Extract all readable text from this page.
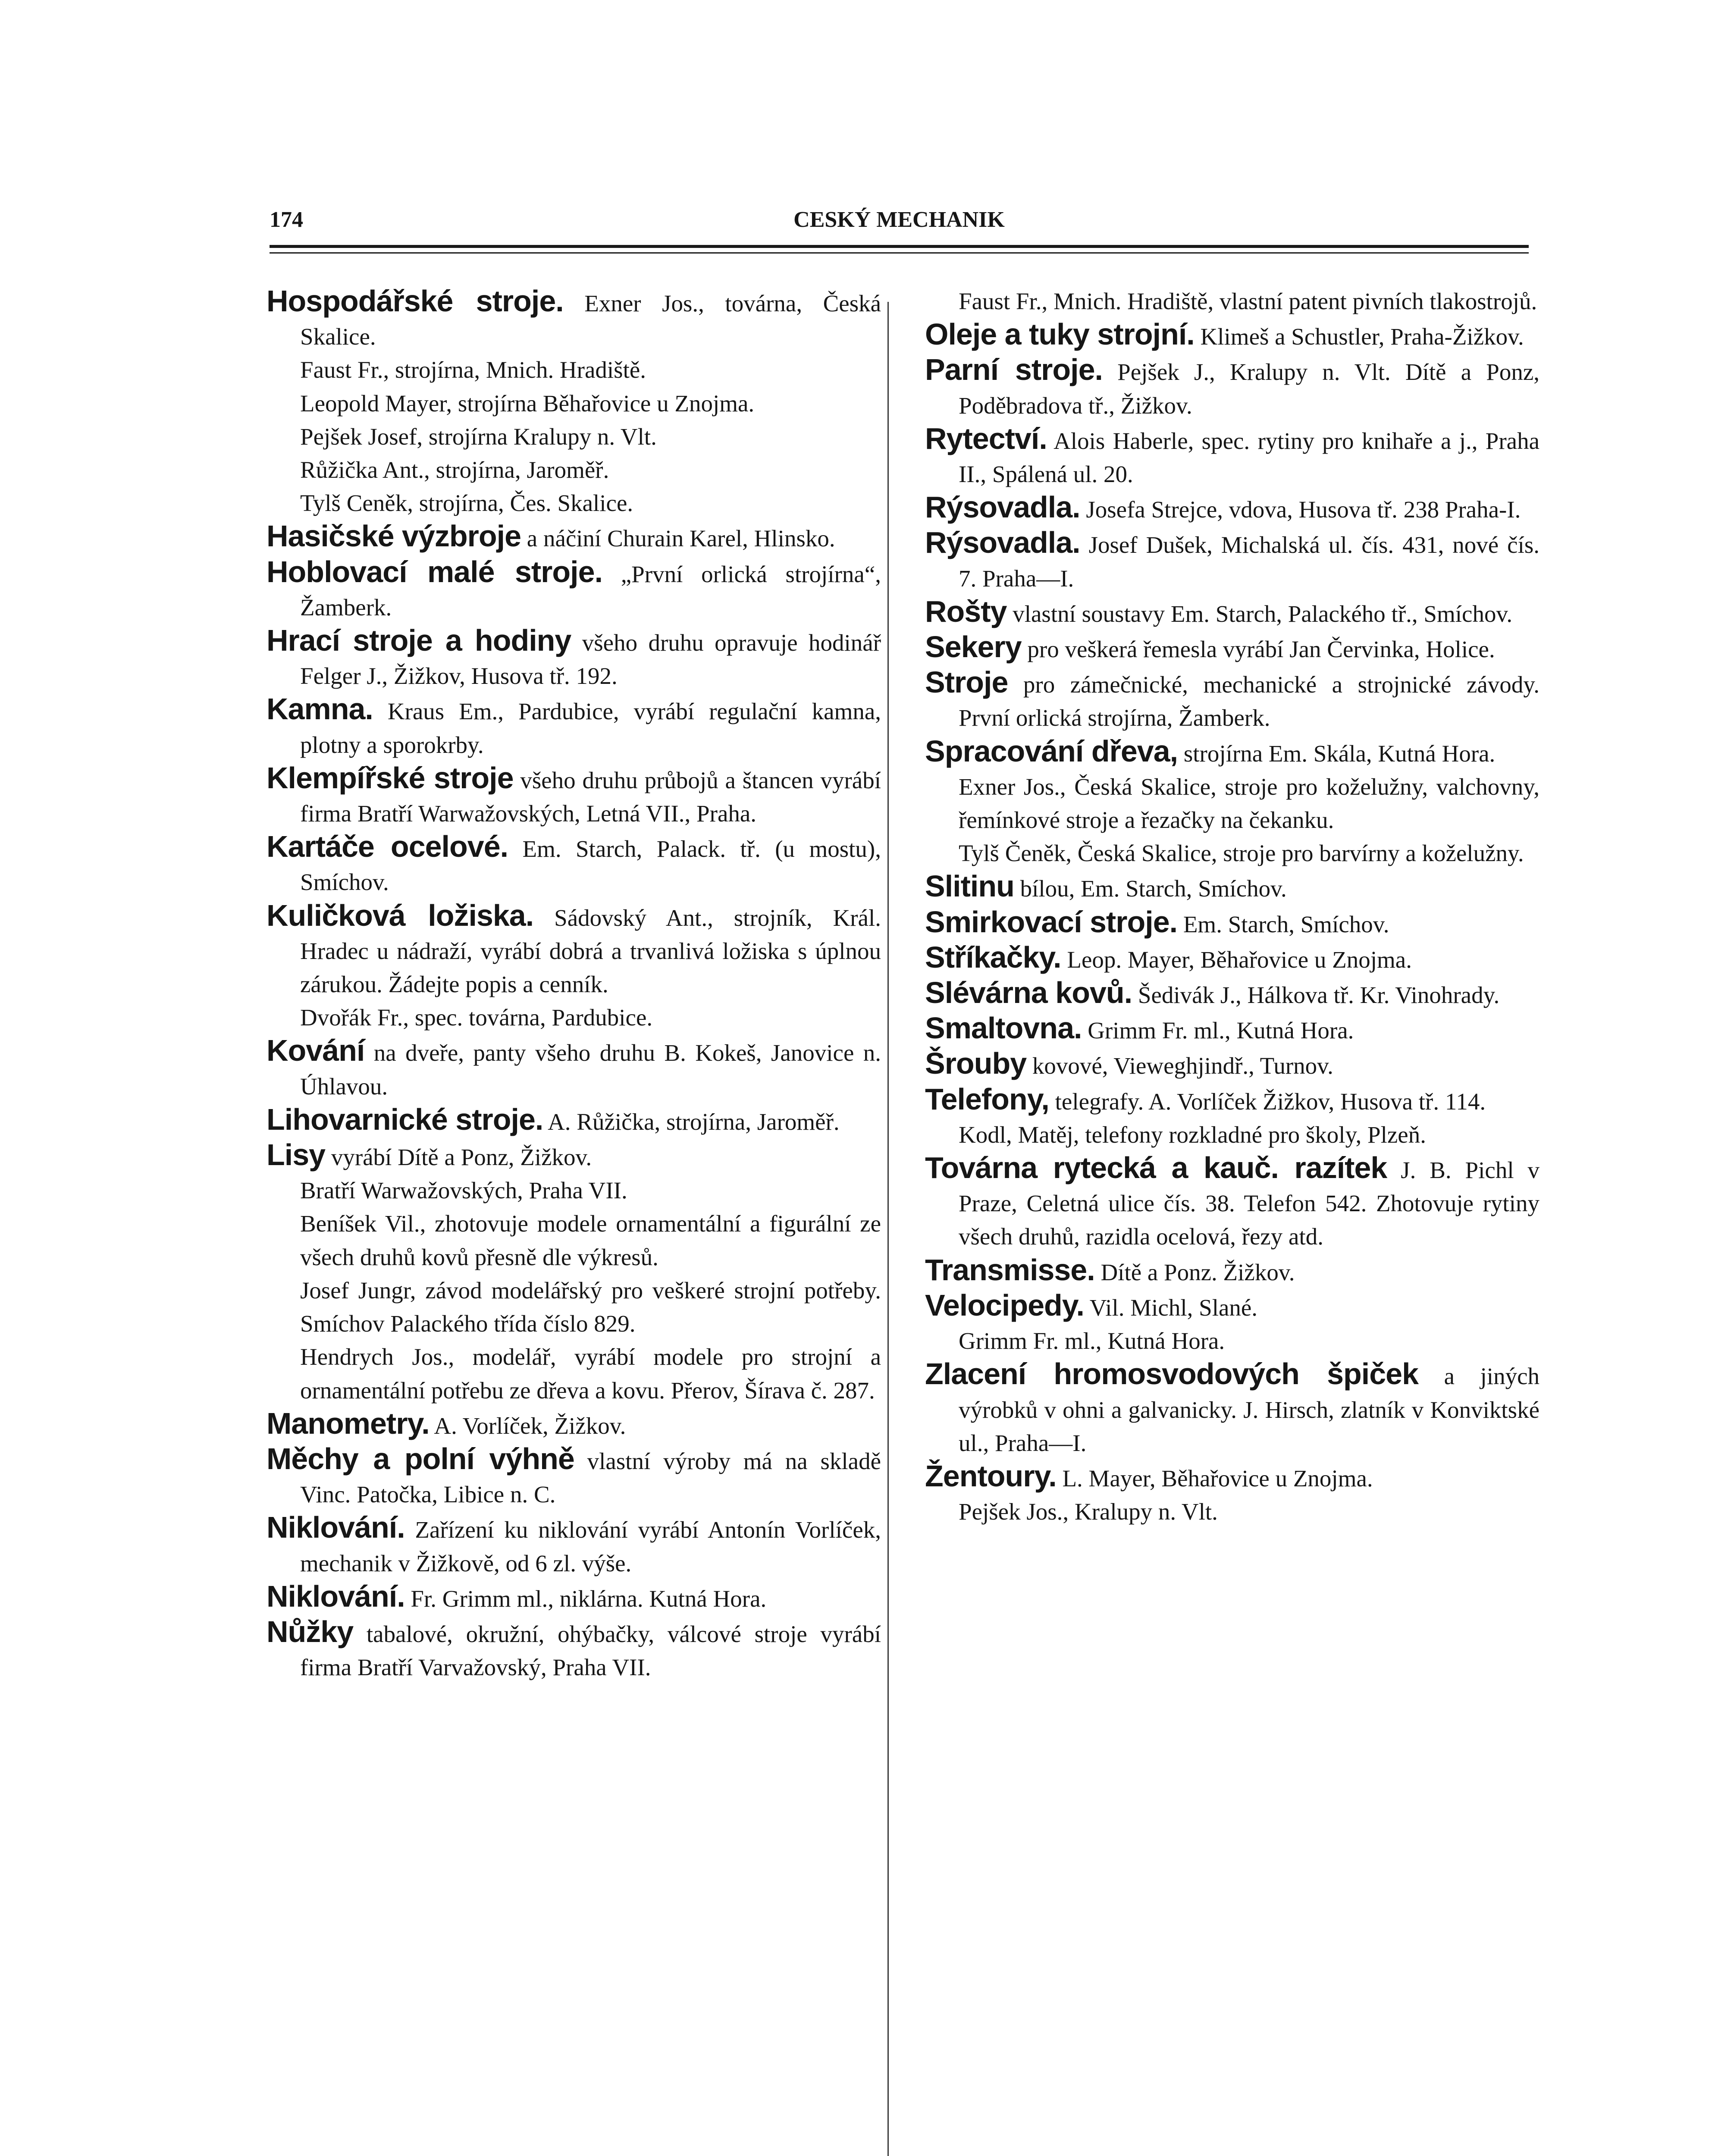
174	CESKÝ MECHANIK
Hospodářské stroje. Exner Jos., továrna, Česká Skalice.
Faust Fr., strojírna, Mnich. Hradiště.
Leopold Mayer, strojírna Běhařovice u Znojma.
Pejšek Josef, strojírna Kralupy n. Vlt.
Růžička Ant., strojírna, Jaroměř.
Tylš Ceněk, strojírna, Čes. Skalice.
Hasičské výzbroje a náčiní Churain Karel, Hlinsko.
Hoblovací malé stroje. „První orlická strojírna“, Žamberk.
Hrací stroje a hodiny všeho druhu opravuje hodinář Felger J., Žižkov, Husova tř. 192.
Kamna. Kraus Em., Pardubice, vyrábí regulační kamna, plotny a sporokrby.
Klempířské stroje všeho druhu průbojů a štancen vyrábí firma Bratří Warwažovských, Letná VII., Praha.
Kartáče ocelové. Em. Starch, Palack. tř. (u mostu), Smíchov.
Kuličková ložiska. Sádovský Ant., strojník, Král. Hradec u nádraží, vyrábí dobrá a trvanlivá ložiska s úplnou zárukou. Žádejte popis a cenník.
Dvořák Fr., spec. továrna, Pardubice.
Kování na dveře, panty všeho druhu B. Kokeš, Janovice n. Úhlavou.
Lihovarnické stroje. A. Růžička, strojírna, Jaroměř.
Lisy vyrábí Dítě a Ponz, Žižkov.
Bratří Warwažovských, Praha VII.
Beníšek Vil., zhotovuje modele ornamentální a figurální ze všech druhů kovů přesně dle výkresů.
Josef Jungr, závod modelářský pro veškeré strojní potřeby. Smíchov Palackého třída číslo 829.
Hendrych Jos., modelář, vyrábí modele pro strojní a ornamentální potřebu ze dřeva a kovu. Přerov, Šírava č. 287.
Manometry. A. Vorlíček, Žižkov.
Měchy a polní výhně vlastní výroby má na skladě Vinc. Patočka, Libice n. C.
Niklování. Zařízení ku niklování vyrábí Antonín Vorlíček, mechanik v Žižkově, od 6 zl. výše.
Niklování. Fr. Grimm ml., niklárna. Kutná Hora.
Nůžky tabalové, okružní, ohýbačky, válcové stroje vyrábí firma Bratří Varvažovský, Praha VII.
Faust Fr., Mnich. Hradiště, vlastní patent pivních tlakostrojů.
Oleje a tuky strojní. Klimeš a Schustler, Praha-Žižkov.
Parní stroje. Pejšek J., Kralupy n. Vlt. Dítě a Ponz, Poděbradova tř., Žižkov.
Rytectví. Alois Haberle, spec. rytiny pro knihaře a j., Praha II., Spálená ul. 20.
Rýsovadla. Josefa Strejce, vdova, Husova tř. 238 Praha-I.
Rýsovadla. Josef Dušek, Michalská ul. čís. 431, nové čís. 7. Praha—I.
Rošty vlastní soustavy Em. Starch, Palackého tř., Smíchov.
Sekery pro veškerá řemesla vyrábí Jan Červinka, Holice.
Stroje pro zámečnické, mechanické a strojnické závody. První orlická strojírna, Žamberk.
Spracování dřeva, strojírna Em. Skála, Kutná Hora.
Exner Jos., Česká Skalice, stroje pro koželužny, valchovny, řemínkové stroje a řezačky na čekanku.
Tylš Čeněk, Česká Skalice, stroje pro barvírny a koželužny.
Slitinu bílou, Em. Starch, Smíchov.
Smirkovací stroje. Em. Starch, Smíchov.
Stříkačky. Leop. Mayer, Běhařovice u Znojma.
Slévárna kovů. Šedivák J., Hálkova tř. Kr. Vinohrady.
Smaltovna. Grimm Fr. ml., Kutná Hora.
Šrouby kovové, Vieweghjindř., Turnov.
Telefony, telegrafy. A. Vorlíček Žižkov, Husova tř. 114.
Kodl, Matěj, telefony rozkladné pro školy, Plzeň.
Továrna rytecká a kauč. razítek J. B. Pichl v Praze, Celetná ulice čís. 38. Telefon 542. Zhotovuje rytiny všech druhů, razidla ocelová, řezy atd.
Transmisse. Dítě a Ponz. Žižkov.
Velocipedy. Vil. Michl, Slané.
Grimm Fr. ml., Kutná Hora.
Zlacení hromosvodových špiček a jiných výrobků v ohni a galvanicky. J. Hirsch, zlatník v Konviktské ul., Praha—I.
Žentoury. L. Mayer, Běhařovice u Znojma.
Pejšek Jos., Kralupy n. Vlt.
